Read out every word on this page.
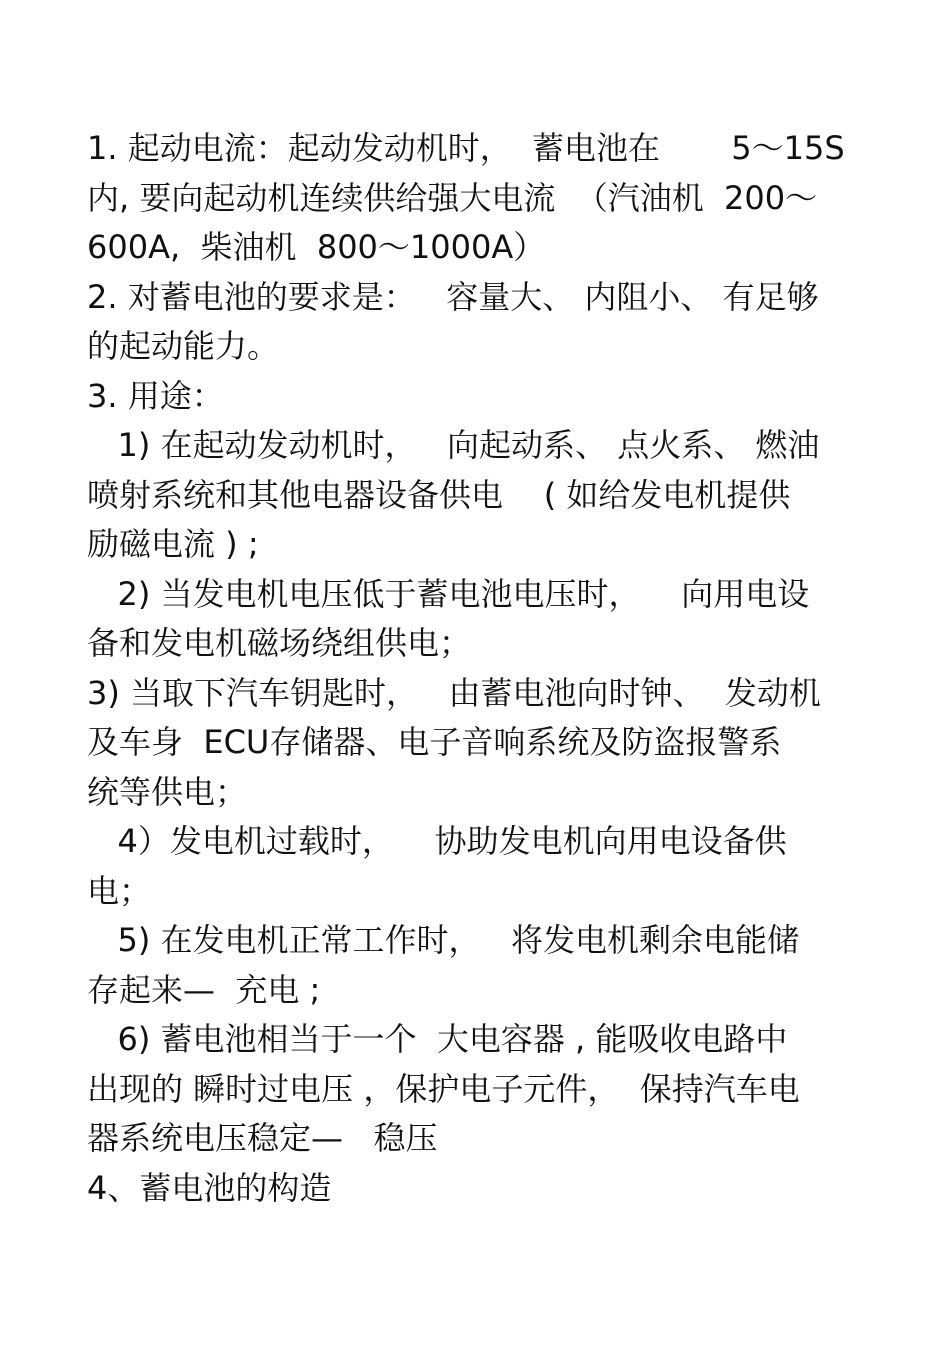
1. 起动电流：起动发动机时，  蓄电池在       5～15S
内, 要向起动机连续供给强大电流  （汽油机  200～
600A,  柴油机  800～1000A）
2. 对蓄电池的要求是：   容量大、 内阻小、 有足够
的起动能力。
3. 用途：
1) 在起动发动机时，   向起动系、 点火系、 燃油
喷射系统和其他电器设备供电    ( 如给发电机提供
励磁电流 ) ;
2) 当发电机电压低于蓄电池电压时，    向用电设
备和发电机磁场绕组供电；
3) 当取下汽车钥匙时，   由蓄电池向时钟、  发动机
及车身  ECU存储器、电子音响系统及防盗报警系
统等供电；
4）发电机过载时，    协助发电机向用电设备供
电；
5) 在发电机正常工作时，   将发电机剩余电能储
存起来—  充电 ;
6) 蓄电池相当于一个  大电容器 , 能吸收电路中
出现的 瞬时过电压 ，保护电子元件，  保持汽车电
器系统电压稳定—   稳压
4、蓄电池的构造
